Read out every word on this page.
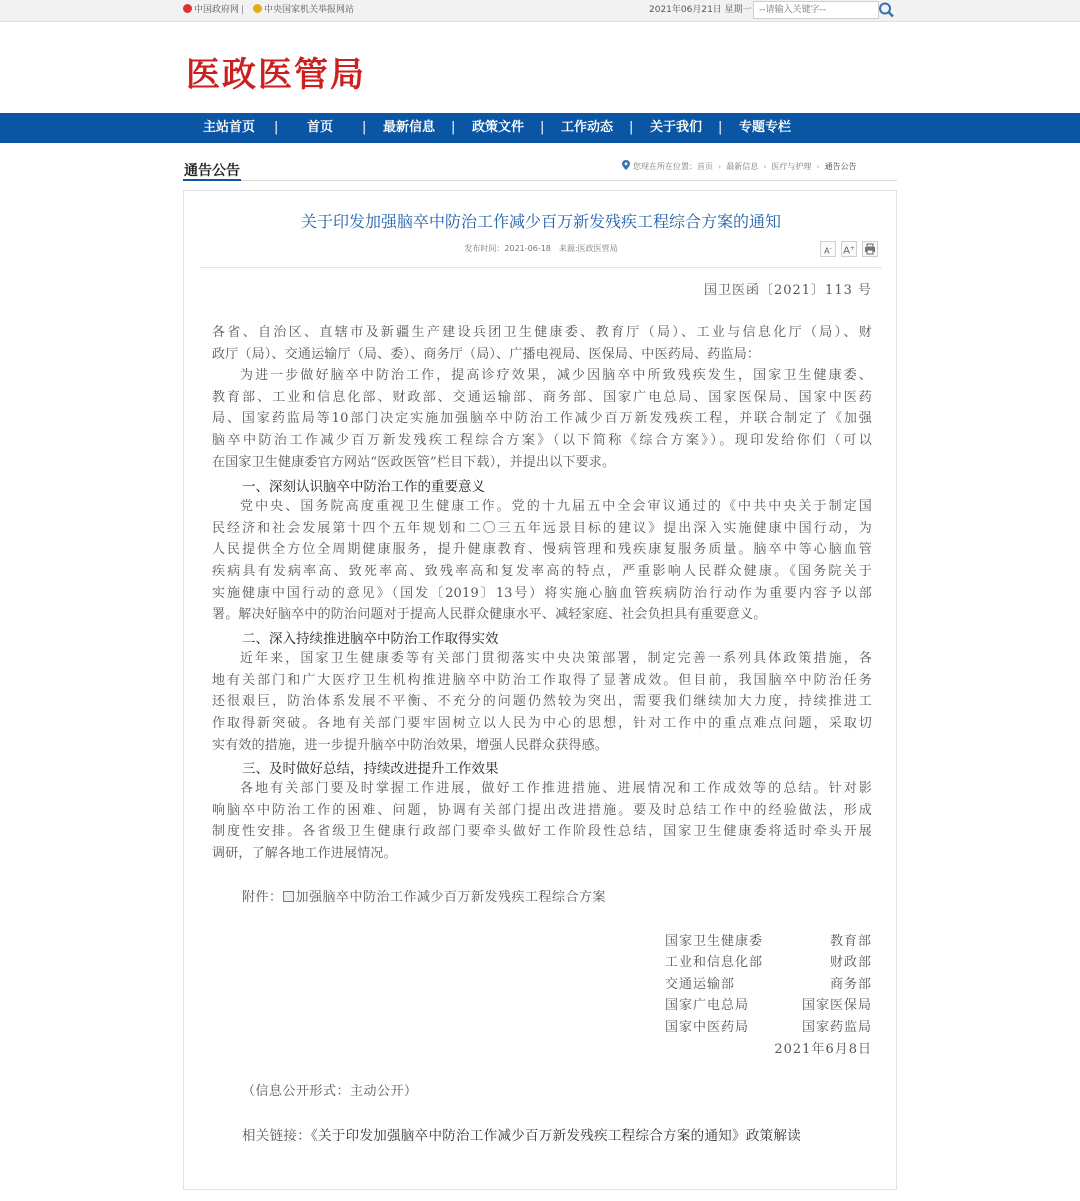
中国政府网 |	中央国家机关举报网站	2021年06月21日 星期一
--请输入关键字--
医政医管局
主站首页 | 首页 | 最新信息 | 政策文件 | 工作动态 | 关于我们 | 专题专栏
通告公告	您现在所在位置：首页 › 最新信息 › 医疗与护理 › 通告公告
关于印发加强脑卒中防治工作减少百万新发残疾工程综合方案的通知
发布时间：2021-06-18 来源:医政医管局	A-	A+
国卫医函〔2021〕113 号
各省、自治区、直辖市及新疆生产建设兵团卫生健康委、教育厅（局）、工业与信息化厅（局）、财
政厅（局）、交通运输厅（局、委）、商务厅（局）、广播电视局、医保局、中医药局、药监局：
为进一步做好脑卒中防治工作，提高诊疗效果，减少因脑卒中所致残疾发生，国家卫生健康委、
教育部、工业和信息化部、财政部、交通运输部、商务部、国家广电总局、国家医保局、国家中医药
局、国家药监局等10部门决定实施加强脑卒中防治工作减少百万新发残疾工程，并联合制定了《加强
脑卒中防治工作减少百万新发残疾工程综合方案》（以下简称《综合方案》）。现印发给你们（可以
在国家卫生健康委官方网站“医政医管”栏目下载），并提出以下要求。
一、深刻认识脑卒中防治工作的重要意义
党中央、国务院高度重视卫生健康工作。党的十九届五中全会审议通过的《中共中央关于制定国
民经济和社会发展第十四个五年规划和二〇三五年远景目标的建议》提出深入实施健康中国行动，为
人民提供全方位全周期健康服务，提升健康教育、慢病管理和残疾康复服务质量。脑卒中等心脑血管
疾病具有发病率高、致死率高、致残率高和复发率高的特点，严重影响人民群众健康。《国务院关于
实施健康中国行动的意见》（国发〔2019〕13号）将实施心脑血管疾病防治行动作为重要内容予以部
署。解决好脑卒中的防治问题对于提高人民群众健康水平、减轻家庭、社会负担具有重要意义。
二、深入持续推进脑卒中防治工作取得实效
近年来，国家卫生健康委等有关部门贯彻落实中央决策部署，制定完善一系列具体政策措施，各
地有关部门和广大医疗卫生机构推进脑卒中防治工作取得了显著成效。但目前，我国脑卒中防治任务
还很艰巨，防治体系发展不平衡、不充分的问题仍然较为突出，需要我们继续加大力度，持续推进工
作取得新突破。各地有关部门要牢固树立以人民为中心的思想，针对工作中的重点难点问题，采取切
实有效的措施，进一步提升脑卒中防治效果，增强人民群众获得感。
三、及时做好总结，持续改进提升工作效果
各地有关部门要及时掌握工作进展，做好工作推进措施、进展情况和工作成效等的总结。针对影
响脑卒中防治工作的困难、问题，协调有关部门提出改进措施。要及时总结工作中的经验做法，形成
制度性安排。各省级卫生健康行政部门要牵头做好工作阶段性总结，国家卫生健康委将适时牵头开展
调研，了解各地工作进展情况。
附件： 加强脑卒中防治工作减少百万新发残疾工程综合方案
国家卫生健康委	教育部
工业和信息化部	财政部
交通运输部	商务部
国家广电总局	国家医保局
国家中医药局	国家药监局
2021年6月8日
（信息公开形式：主动公开）
相关链接：《关于印发加强脑卒中防治工作减少百万新发残疾工程综合方案的通知》政策解读
